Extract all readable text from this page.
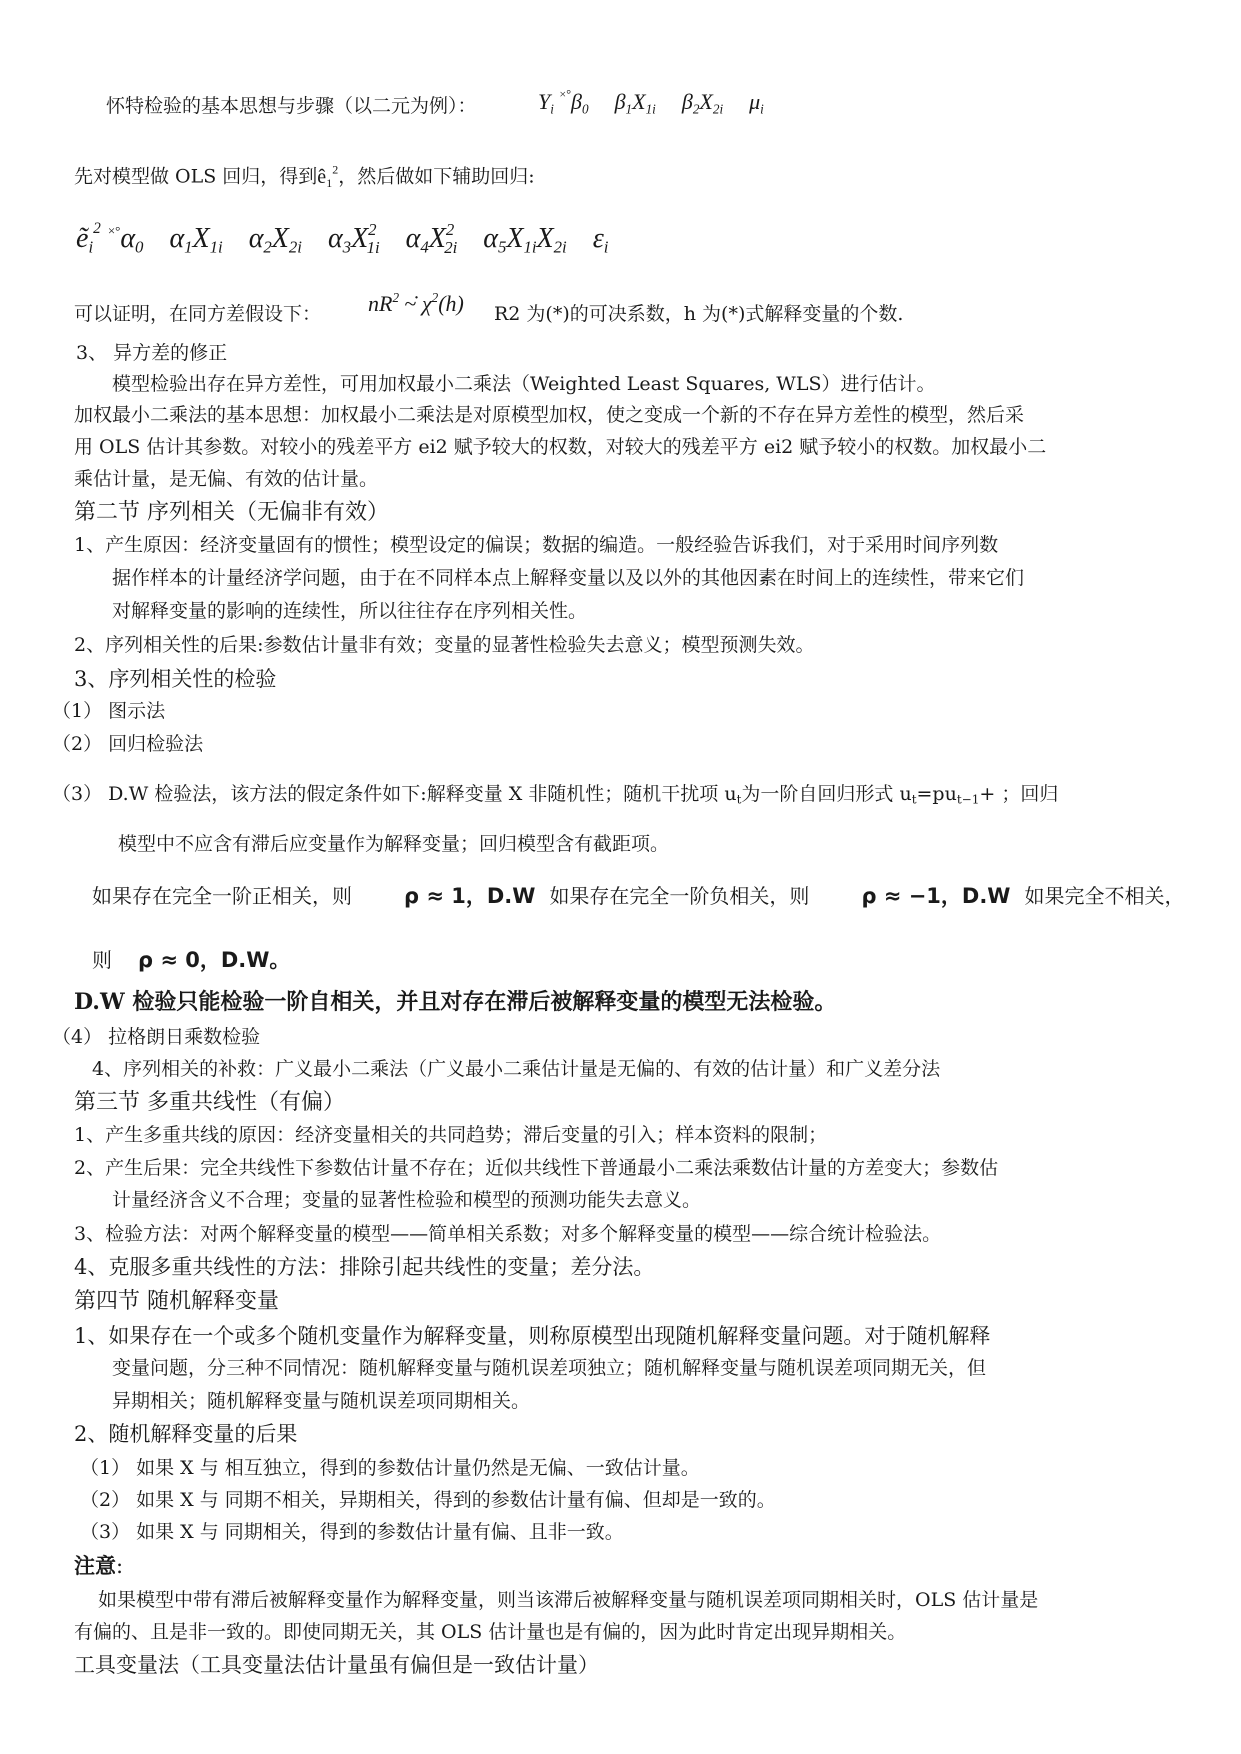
怀特检验的基本思想与步骤（以二元为例）：	$Y_i$ $^{\times^\circ}\beta_0$ $\beta_1X_{1i}$ $\beta_2X_{2i}$ $\mu_i$
先对模型做 OLS 回归，得到$ê_1^2$，然后做如下辅助回归:
ẽ$_i^2$ $^{\times^\circ}\alpha_0$ $\alpha_1X_{1i}$ $\alpha_2X_{2i}$ $\alpha_3X^2_{1i}$ $\alpha_4X^2_{2i}$ $\alpha_5X_{1i}X_{2i}$ $\varepsilon_i$
可以证明，在同方差假设下： $nR^2$ ~̇ $\chi^2(h)$ R2 为(*)的可决系数，h 为(*)式解释变量的个数.
3、 异方差的修正
模型检验出存在异方差性，可用加权最小二乘法（Weighted Least Squares, WLS）进行估计。
加权最小二乘法的基本思想：加权最小二乘法是对原模型加权，使之变成一个新的不存在异方差性的模型，然后采
用 OLS 估计其参数。对较小的残差平方 ei2 赋予较大的权数，对较大的残差平方 ei2 赋予较小的权数。加权最小二
乘估计量，是无偏、有效的估计量。
第二节 序列相关（无偏非有效）
1、产生原因：经济变量固有的惯性；模型设定的偏误；数据的编造。一般经验告诉我们，对于采用时间序列数
据作样本的计量经济学问题，由于在不同样本点上解释变量以及以外的其他因素在时间上的连续性，带来它们
对解释变量的影响的连续性，所以往往存在序列相关性。
2、序列相关性的后果:参数估计量非有效；变量的显著性检验失去意义；模型预测失效。
3、序列相关性的检验
（1） 图示法
（2） 回归检验法
（3） D.W 检验法，该方法的假定条件如下:解释变量 X 非随机性；随机干扰项 ut为一阶自回归形式 ut=put−1+ ；回归
模型中不应含有滞后应变量作为解释变量；回归模型含有截距项。
如果存在完全一阶正相关，则 ρ ≈ 1，D.W 如果存在完全一阶负相关，则 ρ ≈ −1，D.W 如果完全不相关，
则 ρ ≈ 0，D.W。
D.W 检验只能检验一阶自相关，并且对存在滞后被解释变量的模型无法检验。
（4） 拉格朗日乘数检验
4、序列相关的补救：广义最小二乘法（广义最小二乘估计量是无偏的、有效的估计量）和广义差分法
第三节 多重共线性（有偏）
1、产生多重共线的原因：经济变量相关的共同趋势；滞后变量的引入；样本资料的限制；
2、产生后果：完全共线性下参数估计量不存在；近似共线性下普通最小二乘法乘数估计量的方差变大；参数估
计量经济含义不合理；变量的显著性检验和模型的预测功能失去意义。
3、检验方法：对两个解释变量的模型——简单相关系数；对多个解释变量的模型——综合统计检验法。
4、克服多重共线性的方法：排除引起共线性的变量；差分法。
第四节 随机解释变量
1、如果存在一个或多个随机变量作为解释变量，则称原模型出现随机解释变量问题。对于随机解释
变量问题，分三种不同情况：随机解释变量与随机误差项独立；随机解释变量与随机误差项同期无关，但
异期相关；随机解释变量与随机误差项同期相关。
2、随机解释变量的后果
（1） 如果 X 与 相互独立，得到的参数估计量仍然是无偏、一致估计量。
（2） 如果 X 与 同期不相关，异期相关，得到的参数估计量有偏、但却是一致的。
（3） 如果 X 与 同期相关，得到的参数估计量有偏、且非一致。
注意:
如果模型中带有滞后被解释变量作为解释变量，则当该滞后被解释变量与随机误差项同期相关时，OLS 估计量是
有偏的、且是非一致的。即使同期无关，其 OLS 估计量也是有偏的，因为此时肯定出现异期相关。
工具变量法（工具变量法估计量虽有偏但是一致估计量）
